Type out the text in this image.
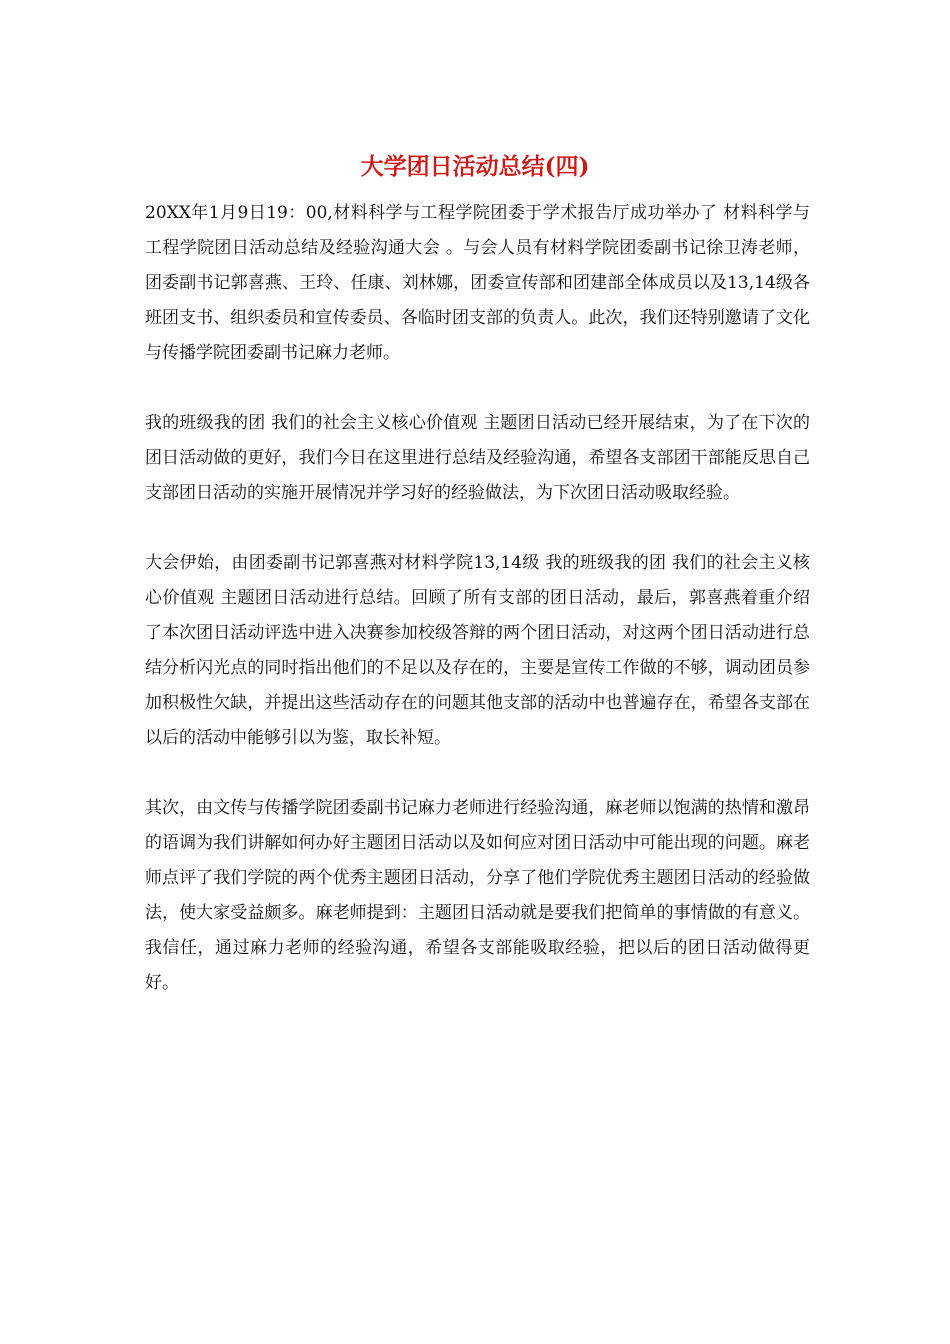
大学团日活动总结(四)

20XX年1月9日19：00,材料科学与工程学院团委于学术报告厅成功举办了 材料科学与工程学院团日活动总结及经验沟通大会 。与会人员有材料学院团委副书记徐卫涛老师，团委副书记郭喜燕、王玲、任康、刘林娜，团委宣传部和团建部全体成员以及13,14级各班团支书、组织委员和宣传委员、各临时团支部的负责人。此次，我们还特别邀请了文化与传播学院团委副书记麻力老师。

我的班级我的团 我们的社会主义核心价值观 主题团日活动已经开展结束，为了在下次的团日活动做的更好，我们今日在这里进行总结及经验沟通，希望各支部团干部能反思自己支部团日活动的实施开展情况并学习好的经验做法，为下次团日活动吸取经验。

大会伊始，由团委副书记郭喜燕对材料学院13,14级 我的班级我的团 我们的社会主义核心价值观 主题团日活动进行总结。回顾了所有支部的团日活动，最后，郭喜燕着重介绍了本次团日活动评选中进入决赛参加校级答辩的两个团日活动，对这两个团日活动进行总结分析闪光点的同时指出他们的不足以及存在的，主要是宣传工作做的不够，调动团员参加积极性欠缺，并提出这些活动存在的问题其他支部的活动中也普遍存在，希望各支部在以后的活动中能够引以为鉴，取长补短。

其次，由文传与传播学院团委副书记麻力老师进行经验沟通，麻老师以饱满的热情和激昂的语调为我们讲解如何办好主题团日活动以及如何应对团日活动中可能出现的问题。麻老师点评了我们学院的两个优秀主题团日活动，分享了他们学院优秀主题团日活动的经验做法，使大家受益颇多。麻老师提到：主题团日活动就是要我们把简单的事情做的有意义。我信任，通过麻力老师的经验沟通，希望各支部能吸取经验，把以后的团日活动做得更好。
